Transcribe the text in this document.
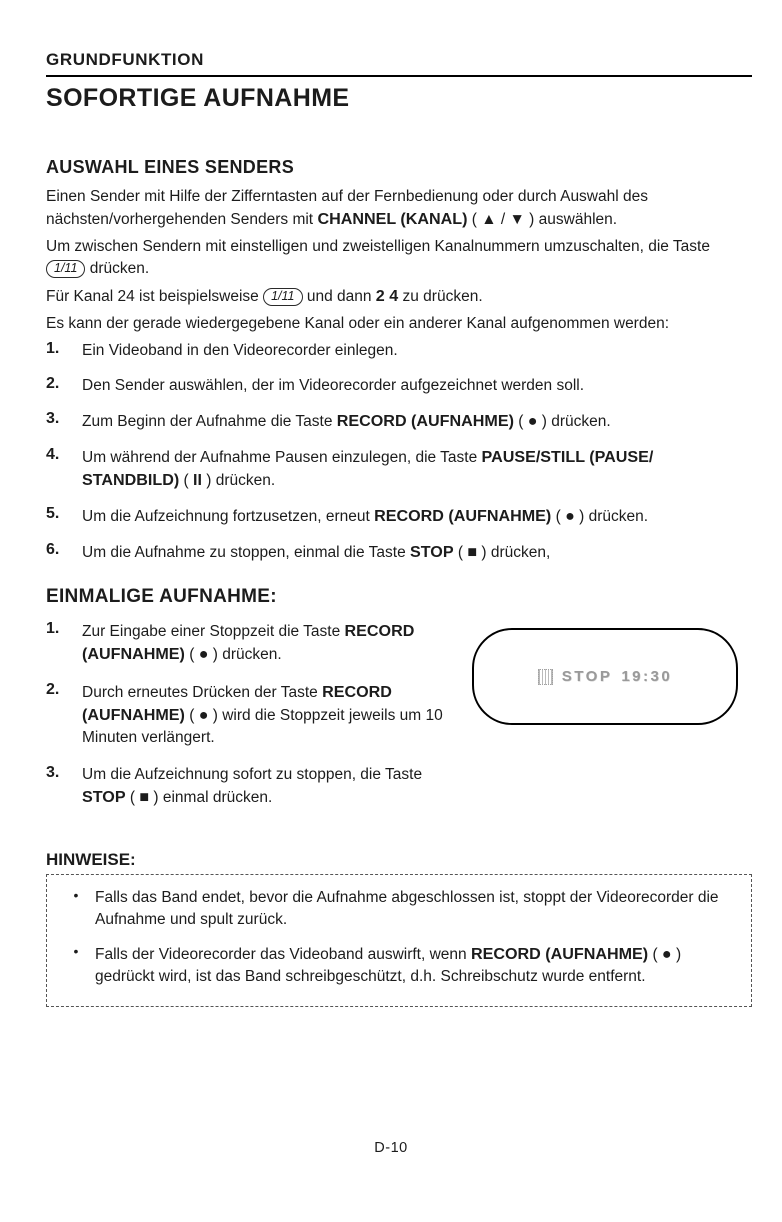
GRUNDFUNKTION
SOFORTIGE AUFNAHME
AUSWAHL EINES SENDERS

Einen Sender mit Hilfe der Zifferntasten auf der Fernbedienung oder durch Auswahl des nächsten/vorhergehenden Senders mit CHANNEL (KANAL) ( ▲ / ▼ ) auswählen.

Um zwischen Sendern mit einstelligen und zweistelligen Kanalnummern umzuschalten, die Taste 1/11 drücken.

Für Kanal 24 ist beispielsweise 1/11 und dann 2 4 zu drücken.

Es kann der gerade wiedergegebene Kanal oder ein anderer Kanal aufgenommen werden:

1.	Ein Videoband in den Videorecorder einlegen.
2.	Den Sender auswählen, der im Videorecorder aufgezeichnet werden soll.
3.	Zum Beginn der Aufnahme die Taste RECORD (AUFNAHME) ( ● ) drücken.
4.	Um während der Aufnahme Pausen einzulegen, die Taste PAUSE/STILL (PAUSE/ STANDBILD) ( II ) drücken.
5.	Um die Aufzeichnung fortzusetzen, erneut RECORD (AUFNAHME) ( ● ) drücken.
6.	Um die Aufnahme zu stoppen, einmal die Taste STOP ( ■ ) drücken,
EINMALIGE AUFNAHME:
1.	Zur Eingabe einer Stoppzeit die Taste RECORD (AUFNAHME) ( ● ) drücken.
2.	Durch erneutes Drücken der Taste RECORD (AUFNAHME) ( ● ) wird die Stoppzeit jeweils um 10 Minuten verlängert.
3.	Um die Aufzeichnung sofort zu stoppen, die Taste STOP ( ■ ) einmal drücken.
STOP 19:30
HINWEISE:
•	Falls das Band endet, bevor die Aufnahme abgeschlossen ist, stoppt der Videorecorder die Aufnahme und spult zurück.
•	Falls der Videorecorder das Videoband auswirft, wenn RECORD (AUFNAHME) ( ● ) gedrückt wird, ist das Band schreibgeschützt, d.h. Schreibschutz wurde entfernt.
D-10
